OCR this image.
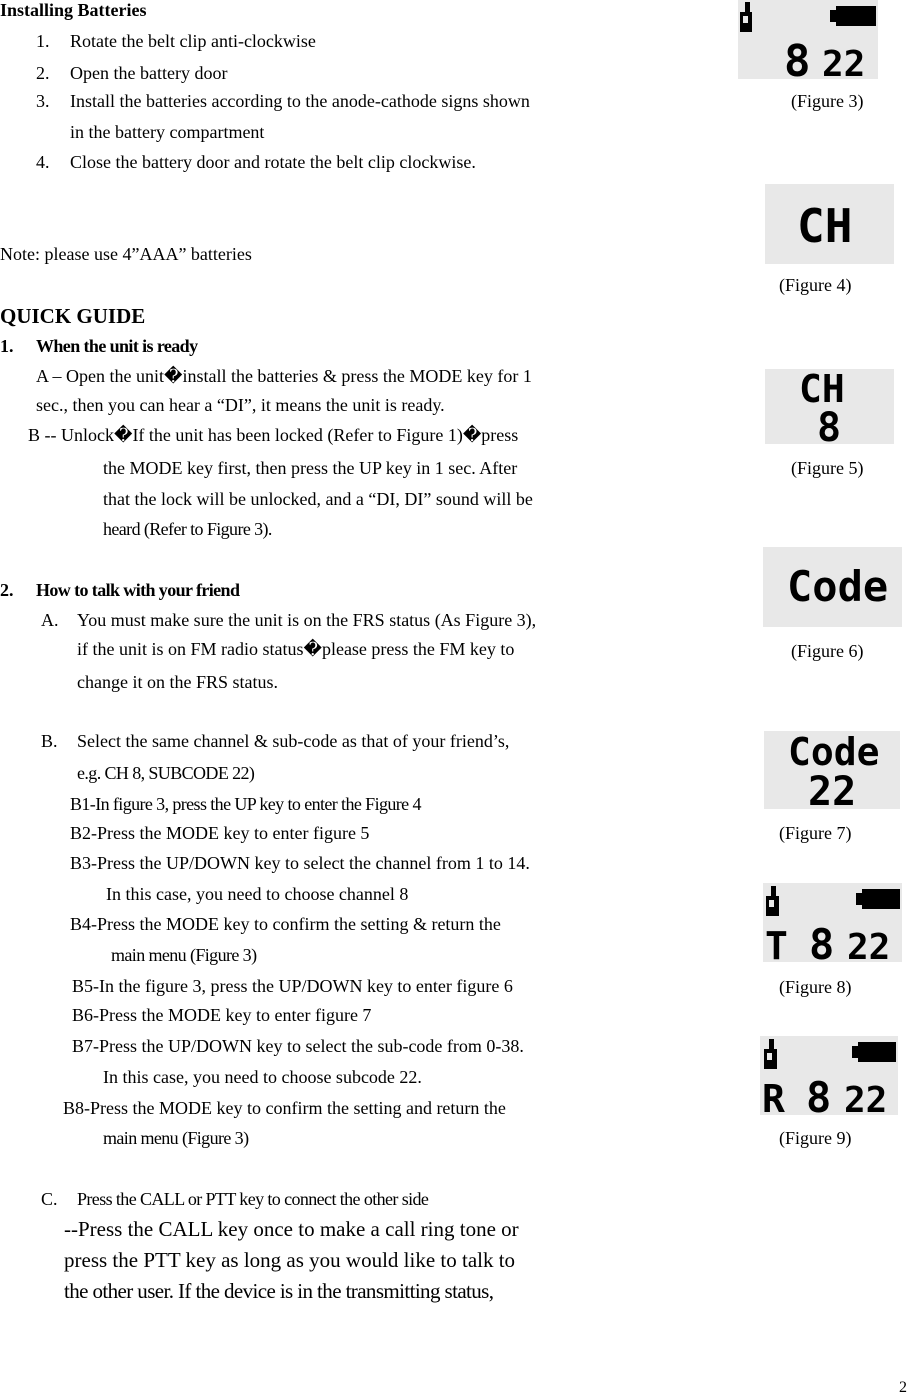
Installing Batteries
1. Rotate the belt clip anti-clockwise
2. Open the battery door
3. Install the batteries according to the anode-cathode signs shown
in the battery compartment
4. Close the battery door and rotate the belt clip clockwise.
Note: please use 4”AAA” batteries
QUICK GUIDE
1. When the unit is ready
A – Open the unit�install the batteries & press the MODE key for 1
sec., then you can hear a “DI”, it means the unit is ready.
B -- Unlock�If the unit has been locked (Refer to Figure 1)�press
the MODE key first, then press the UP key in 1 sec. After
that the lock will be unlocked, and a “DI, DI” sound will be
heard (Refer to Figure 3).
2. How to talk with your friend
A. You must make sure the unit is on the FRS status (As Figure 3),
if the unit is on FM radio status�please press the FM key to
change it on the FRS status.
B. Select the same channel & sub-code as that of your friend’s,
e.g. CH 8, SUBCODE 22)
B1-In figure 3, press the UP key to enter the Figure 4
B2-Press the MODE key to enter figure 5
B3-Press the UP/DOWN key to select the channel from 1 to 14.
In this case, you need to choose channel 8
B4-Press the MODE key to confirm the setting & return the
main menu (Figure 3)
B5-In the figure 3, press the UP/DOWN key to enter figure 6
B6-Press the MODE key to enter figure 7
B7-Press the UP/DOWN key to select the sub-code from 0-38.
In this case, you need to choose subcode 22.
B8-Press the MODE key to confirm the setting and return the
main menu (Figure 3)
C. Press the CALL or PTT key to connect the other side
--Press the CALL key once to make a call ring tone or
press the PTT key as long as you would like to talk to
the other user. If the device is in the transmitting status,
2
8 22
(Figure 3)
CH
(Figure 4)
CH
8
(Figure 5)
Code
(Figure 6)
Code
22
(Figure 7)
T 8 22
(Figure 8)
R 8 22
(Figure 9)
